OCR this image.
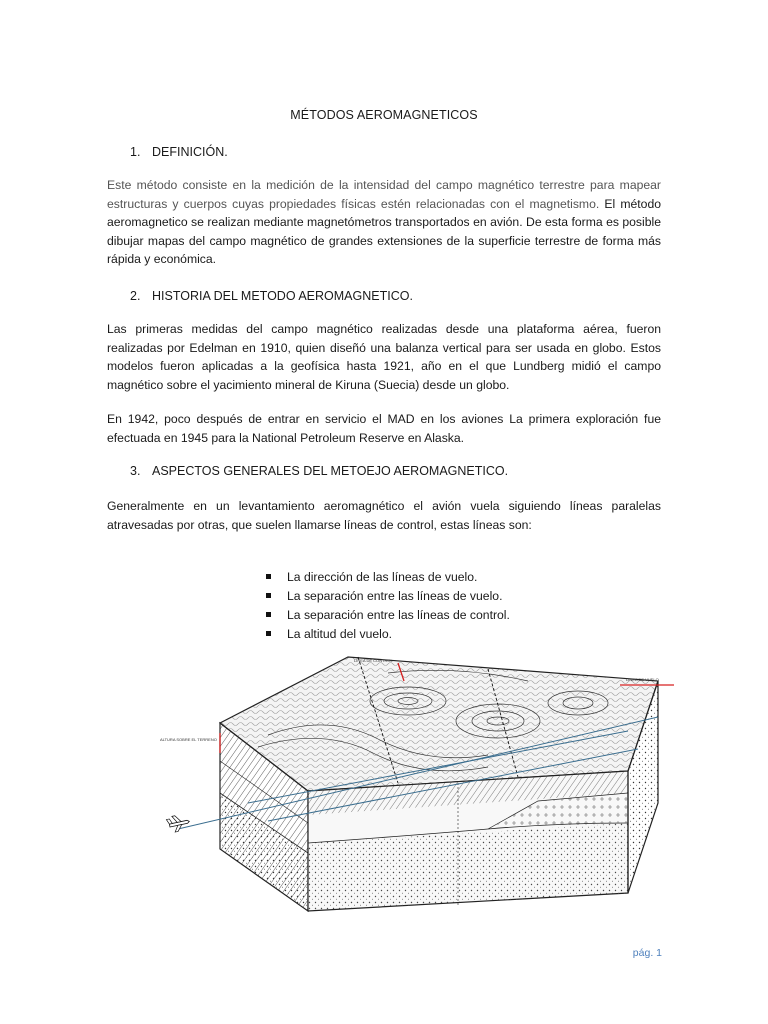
MÉTODOS AEROMAGNETICOS
1. DEFINICIÓN.
Este método consiste en la medición de la intensidad del campo magnético terrestre para mapear estructuras y cuerpos cuyas propiedades físicas estén relacionadas con el magnetismo. El método aeromagnetico se realizan mediante magnetómetros transportados en avión. De esta forma es posible dibujar mapas del campo magnético de grandes extensiones de la superficie terrestre de forma más rápida y económica.
2. HISTORIA DEL METODO AEROMAGNETICO.
Las primeras medidas del campo magnético realizadas desde una plataforma aérea, fueron realizadas por Edelman en 1910, quien diseñó una balanza vertical para ser usada en globo. Estos modelos fueron aplicadas a la geofísica hasta 1921, año en el que Lundberg midió el campo magnético sobre el yacimiento mineral de Kiruna (Suecia) desde un globo.
En 1942, poco después de entrar en servicio el MAD en los aviones La primera exploración fue efectuada en 1945 para la National Petroleum Reserve en Alaska.
3. ASPECTOS GENERALES DEL METOEJO AEROMAGNETICO.
Generalmente en un levantamiento aeromagnético el avión vuela siguiendo líneas paralelas atravesadas por otras, que suelen llamarse líneas de control, estas líneas son:
La dirección de las líneas de vuelo.
La separación entre las líneas de vuelo.
La separación entre las líneas de control.
La altitud del vuelo.
LINEA DE CONTROL
LINEA DE VUELO
ALTURA SOBRE EL TERRENO
pág. 1
